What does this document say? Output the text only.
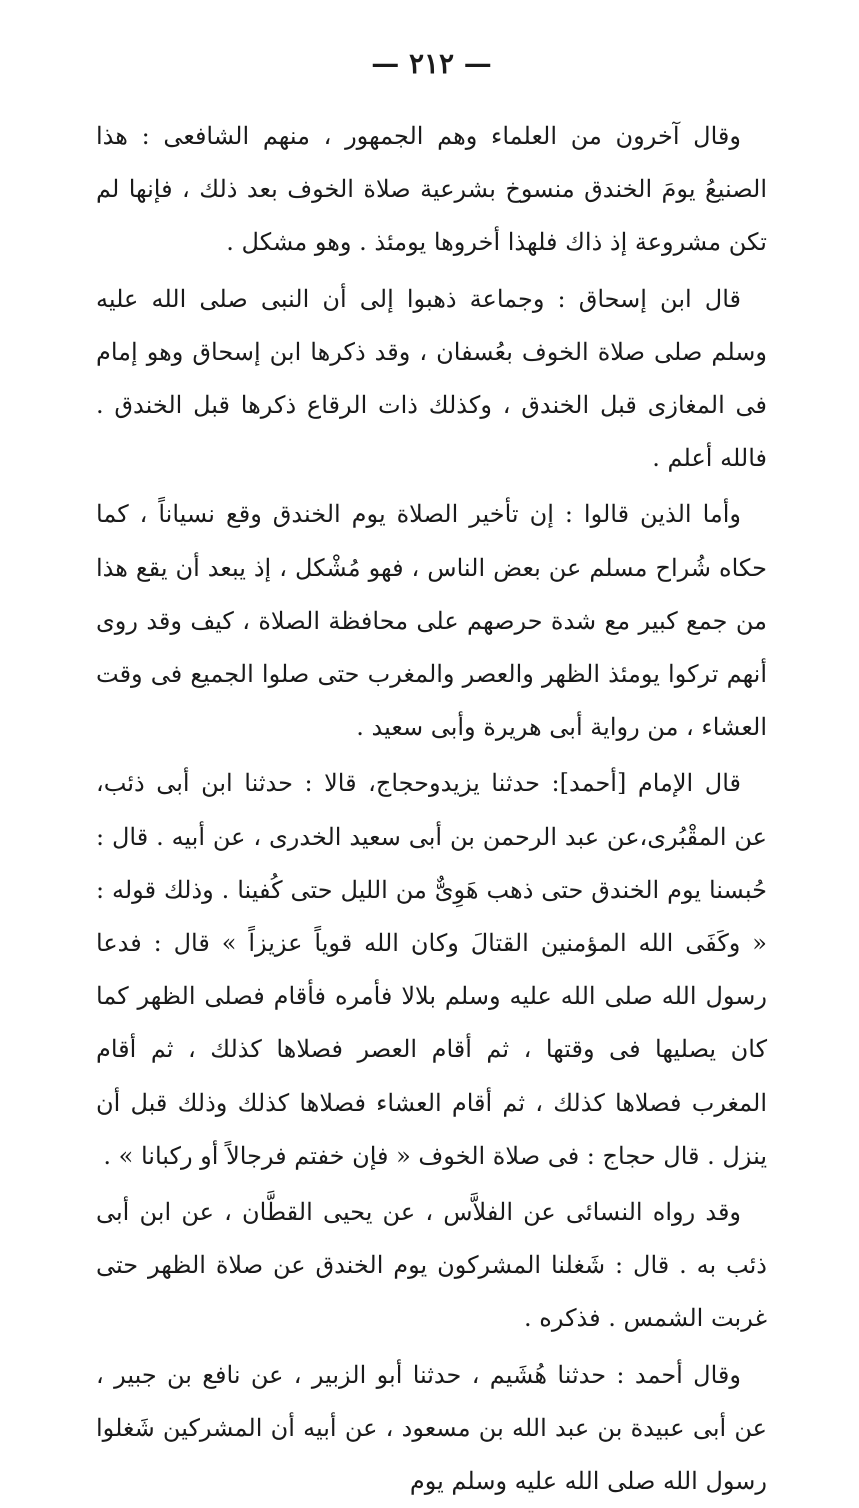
— ٢١٢ —

وقال آخرون من العلماء وهم الجمهور ، منهم الشافعى : هذا الصنيعُ يومَ الخندق منسوخ بشرعية صلاة الخوف بعد ذلك ، فإنها لم تكن مشروعة إذ ذاك فلهذا أخروها يومئذ . وهو مشكل .

قال ابن إسحاق : وجماعة ذهبوا إلى أن النبى صلى الله عليه وسلم صلى صلاة الخوف بعُسفان ، وقد ذكرها ابن إسحاق وهو إمام فى المغازى قبل الخندق ، وكذلك ذات الرقاع ذكرها قبل الخندق . فالله أعلم .

وأما الذين قالوا : إن تأخير الصلاة يوم الخندق وقع نسياناً ، كما حكاه شُراح مسلم عن بعض الناس ، فهو مُشْكل ، إذ يبعد أن يقع هذا من جمع كبير مع شدة حرصهم على محافظة الصلاة ، كيف وقد روى أنهم تركوا يومئذ الظهر والعصر والمغرب حتى صلوا الجميع فى وقت العشاء ، من رواية أبى هريرة وأبى سعيد .

قال الإمام [أحمد]: حدثنا يزيدوحجاج، قالا : حدثنا ابن أبى ذئب، عن المقْبُرى،عن عبد الرحمن بن أبى سعيد الخدرى ، عن أبيه . قال : حُبسنا يوم الخندق حتى ذهب هَوِىٌّ من الليل حتى كُفينا . وذلك قوله : « وكَفَى الله المؤمنين القتالَ وكان الله قوياً عزيزاً » قال : فدعا رسول الله صلى الله عليه وسلم بلالا فأمره فأقام فصلى الظهر كما كان يصليها فى وقتها ، ثم أقام العصر فصلاها كذلك ، ثم أقام المغرب فصلاها كذلك ، ثم أقام العشاء فصلاها كذلك وذلك قبل أن ينزل . قال حجاج : فى صلاة الخوف « فإن خفتم فرجالاً أو ركبانا » .

وقد رواه النسائى عن الفلاَّس ، عن يحيى القطَّان ، عن ابن أبى ذئب به . قال : شَغلنا المشركون يوم الخندق عن صلاة الظهر حتى غربت الشمس . فذكره .

وقال أحمد : حدثنا هُشَيم ، حدثنا أبو الزبير ، عن نافع بن جبير ، عن أبى عبيدة بن عبد الله بن مسعود ، عن أبيه أن المشركين شَغلوا رسول الله صلى الله عليه وسلم يوم
